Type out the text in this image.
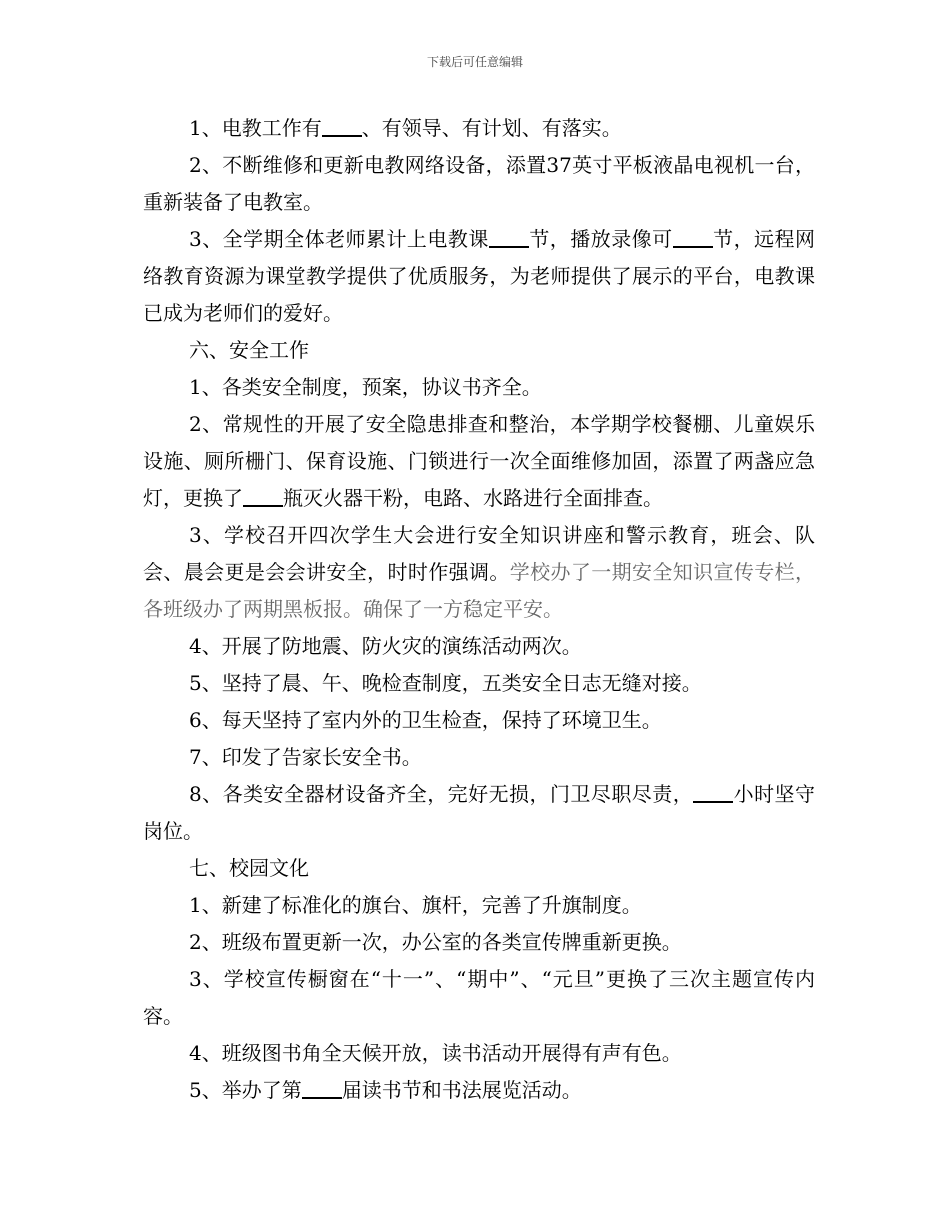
下载后可任意编辑

1、电教工作有 、有领导、有计划、有落实。

2、不断维修和更新电教网络设备，添置37英寸平板液晶电视机一台，重新装备了电教室。

3、全学期全体老师累计上电教课 节，播放录像可 节，远程网络教育资源为课堂教学提供了优质服务，为老师提供了展示的平台，电教课已成为老师们的爱好。

六、安全工作

1、各类安全制度，预案，协议书齐全。

2、常规性的开展了安全隐患排查和整治，本学期学校餐棚、儿童娱乐设施、厕所栅门、保育设施、门锁进行一次全面维修加固，添置了两盏应急灯，更换了 瓶灭火器干粉，电路、水路进行全面排查。

3、学校召开四次学生大会进行安全知识讲座和警示教育，班会、队会、晨会更是会会讲安全，时时作强调。学校办了一期安全知识宣传专栏，各班级办了两期黑板报。确保了一方稳定平安。

4、开展了防地震、防火灾的演练活动两次。

5、坚持了晨、午、晚检查制度，五类安全日志无缝对接。

6、每天坚持了室内外的卫生检查，保持了环境卫生。

7、印发了告家长安全书。

8、各类安全器材设备齐全，完好无损，门卫尽职尽责， 小时坚守岗位。

七、校园文化

1、新建了标准化的旗台、旗杆，完善了升旗制度。

2、班级布置更新一次，办公室的各类宣传牌重新更换。

3、学校宣传橱窗在“十一”、“期中”、“元旦”更换了三次主题宣传内容。

4、班级图书角全天候开放，读书活动开展得有声有色。

5、举办了第 届读书节和书法展览活动。
